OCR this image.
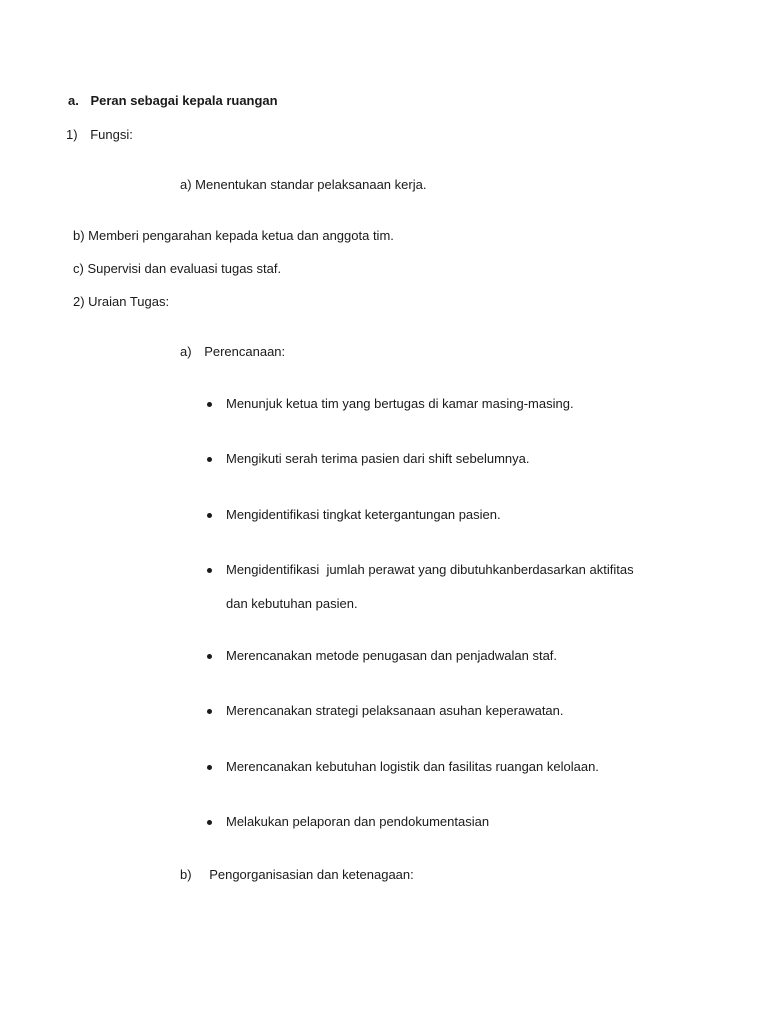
a. Peran sebagai kepala ruangan
1) Fungsi:
a) Menentukan standar pelaksanaan kerja.
b) Memberi pengarahan kepada ketua dan anggota tim.
c) Supervisi dan evaluasi tugas staf.
2) Uraian Tugas:
a) Perencanaan:
Menunjuk ketua tim yang bertugas di kamar masing-masing.
Mengikuti serah terima pasien dari shift sebelumnya.
Mengidentifikasi tingkat ketergantungan pasien.
Mengidentifikasi  jumlah perawat yang dibutuhkanberdasarkan aktifitas
dan kebutuhan pasien.
Merencanakan metode penugasan dan penjadwalan staf.
Merencanakan strategi pelaksanaan asuhan keperawatan.
Merencanakan kebutuhan logistik dan fasilitas ruangan kelolaan.
Melakukan pelaporan dan pendokumentasian
b) Pengorganisasian dan ketenagaan:
